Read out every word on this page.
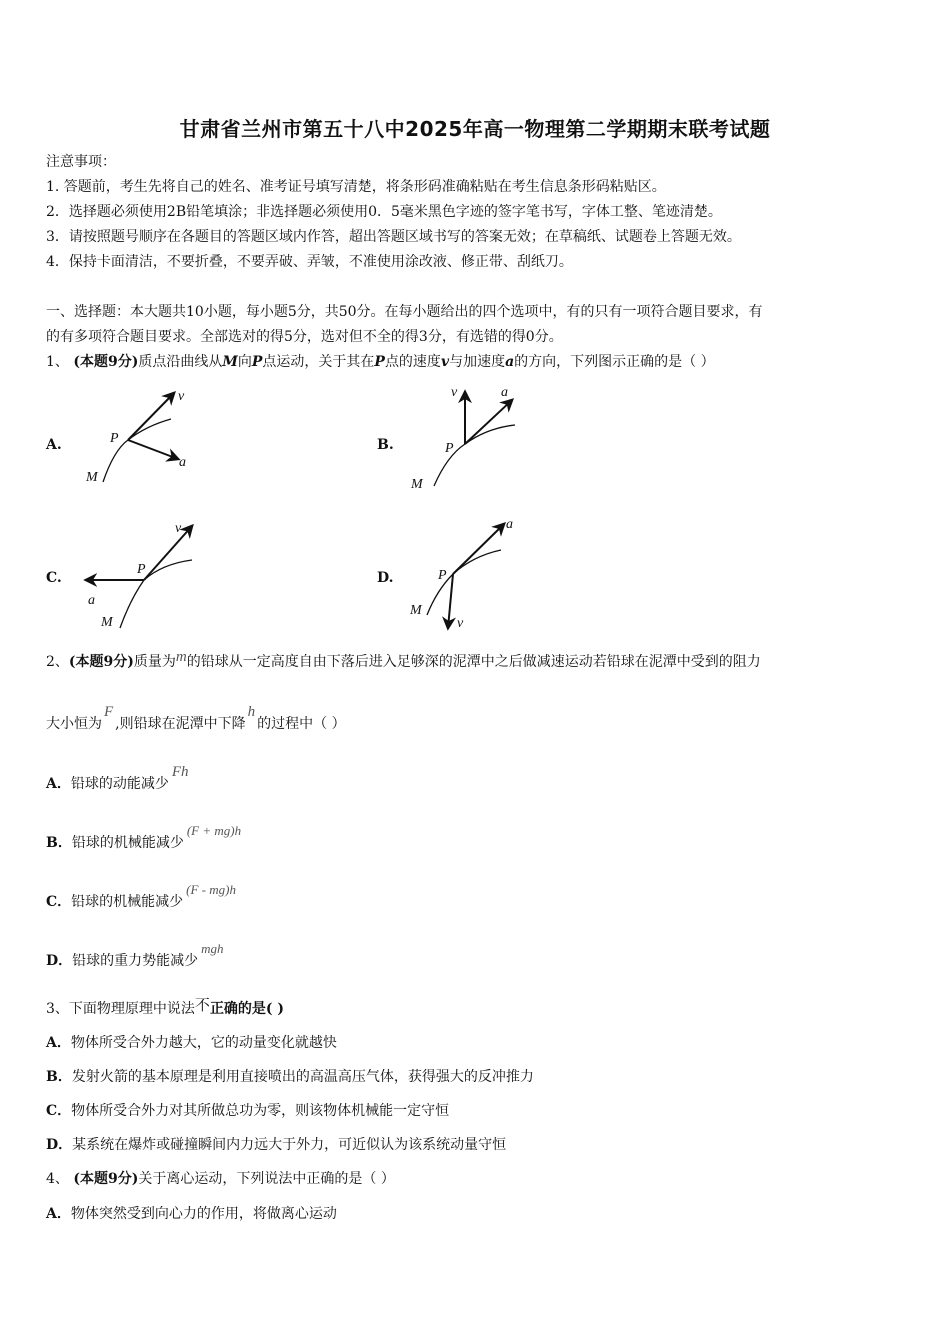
甘肃省兰州市第五十八中2025年高一物理第二学期期末联考试题
注意事项：
1. 答题前，考生先将自己的姓名、准考证号填写清楚，将条形码准确粘贴在考生信息条形码粘贴区。
2．选择题必须使用2B铅笔填涂；非选择题必须使用0．5毫米黑色字迹的签字笔书写，字体工整、笔迹清楚。
3．请按照题号顺序在各题目的答题区域内作答，超出答题区域书写的答案无效；在草稿纸、试题卷上答题无效。
4．保持卡面清洁，不要折叠，不要弄破、弄皱，不准使用涂改液、修正带、刮纸刀。
一、选择题：本大题共10小题，每小题5分，共50分。在每小题给出的四个选项中，有的只有一项符合题目要求，有
的有多项符合题目要求。全部选对的得5分，选对但不全的得3分，有选错的得0分。
1、 (本题9分)质点沿曲线从M向P点运动，关于其在P点的速度v与加速度a的方向，下列图示正确的是（ ）
A.
v
a
P
M
B.
v	a
P
M
C.
v
a
P
M
D.
a
v
P
M
2、(本题9分)质量为m的铅球从一定高度自由下落后进入足够深的泥潭中之后做减速运动若铅球在泥潭中受到的阻力
大小恒为F,则铅球在泥潭中下降h的过程中（ ）
A．铅球的动能减少Fh
B．铅球的机械能减少(F + mg)h
C．铅球的机械能减少(F - mg)h
D．铅球的重力势能减少mgh
3、下面物理原理中说法不正确的是( )
A．物体所受合外力越大，它的动量变化就越快
B．发射火箭的基本原理是利用直接喷出的高温高压气体，获得强大的反冲推力
C．物体所受合外力对其所做总功为零，则该物体机械能一定守恒
D．某系统在爆炸或碰撞瞬间内力远大于外力，可近似认为该系统动量守恒
4、 (本题9分)关于离心运动，下列说法中正确的是（ ）
A．物体突然受到向心力的作用，将做离心运动
